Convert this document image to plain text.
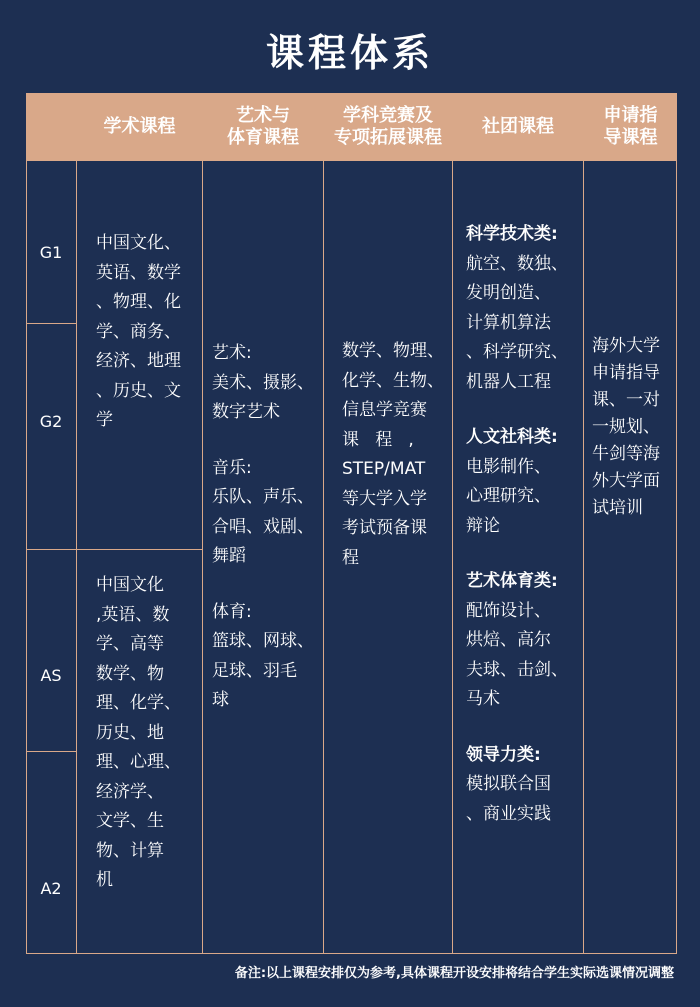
课程体系
学术课程
艺术与
体育课程
学科竞赛及
专项拓展课程
社团课程
申请指
导课程
G1
G2
AS
A2

中国文化、

英语、数学

、物理、化

学、商务、

经济、地理

、历史、文

学

中国文化

,英语、数

学、高等

数学、物

理、化学、

历史、地

理、心理、

经济学、

文学、生

物、计算

机

艺术:

美术、摄影、

数字艺术

音乐:

乐队、声乐、

合唱、戏剧、

舞蹈

体育:

篮球、网球、

足球、羽毛

球

数学、物理、

化学、生物、

信息学竞赛

课   程   ,

STEP/MAT

等大学入学

考试预备课

程

科学技术类:

航空、数独、

发明创造、

计算机算法

、科学研究、

机器人工程

人文社科类:

电影制作、

心理研究、

辩论

艺术体育类:

配饰设计、

烘焙、高尔

夫球、击剑、

马术

领导力类:

模拟联合国

、商业实践

海外大学

申请指导

课、一对

一规划、

牛剑等海

外大学面

试培训

备注:以上课程安排仅为参考,具体课程开设安排将结合学生实际选课情况调整
